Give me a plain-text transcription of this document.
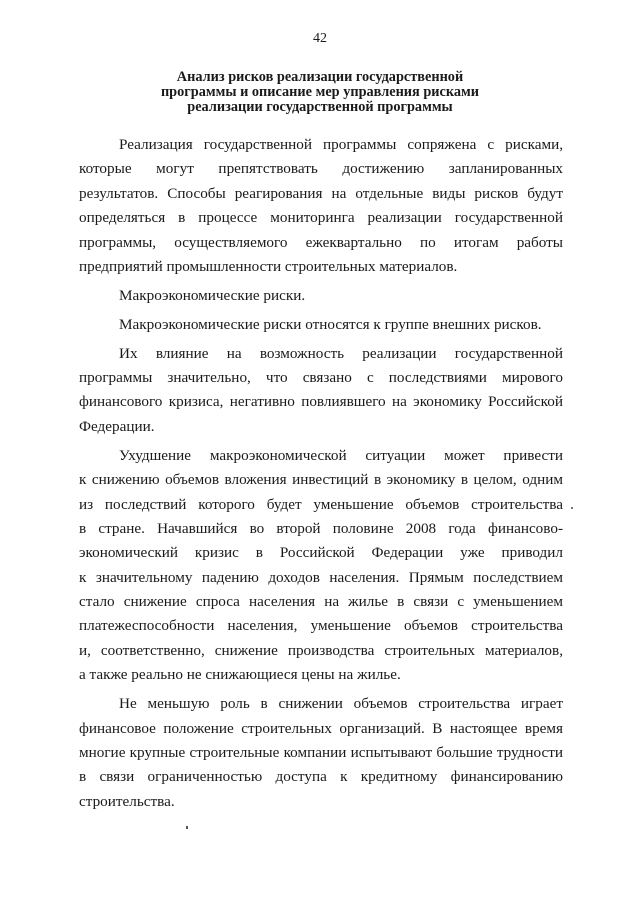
42
Анализ рисков реализации государственной
программы и описание мер управления рисками
реализации государственной программы

Реализация государственной программы сопряжена с рисками,
которые могут препятствовать достижению запланированных
результатов. Способы реагирования на отдельные виды рисков будут
определяться в процессе мониторинга реализации государственной
программы, осуществляемого ежеквартально по итогам работы
предприятий промышленности строительных материалов.

Макроэкономические риски.

Макроэкономические риски относятся к группе внешних рисков.

Их влияние на возможность реализации государственной
программы значительно, что связано с последствиями мирового
финансового кризиса, негативно повлиявшего на экономику Российской
Федерации.

Ухудшение макроэкономической ситуации может привести
к снижению объемов вложения инвестиций в экономику в целом, одним
из последствий которого будет уменьшение объемов строительства
в стране. Начавшийся во второй половине 2008 года финансово-
экономический кризис в Российской Федерации уже приводил
к значительному падению доходов населения. Прямым последствием
стало снижение спроса населения на жилье в связи с уменьшением
платежеспособности населения, уменьшение объемов строительства
и, соответственно, снижение производства строительных материалов,
а также реально не снижающиеся цены на жилье.

Не меньшую роль в снижении объемов строительства играет
финансовое положение строительных организаций. В настоящее время
многие крупные строительные компании испытывают большие трудности
в связи ограниченностью доступа к кредитному финансированию
строительства.
